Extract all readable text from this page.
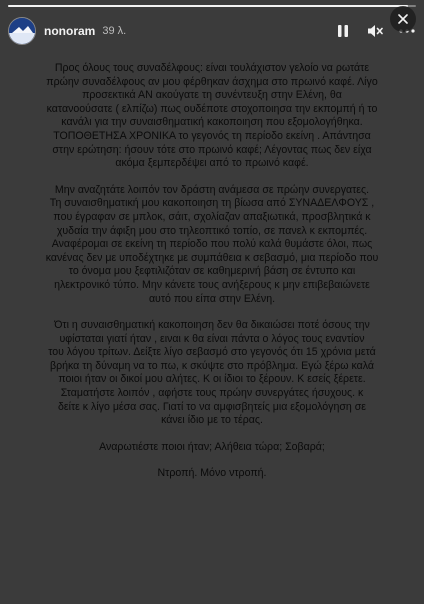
nonoram 39 λ.
Προς όλους τους συναδέλφους: είναι τουλάχιστον γελοίο να ρωτάτε
πρώην συναδέλφους αν μου φέρθηκαν άσχημα στο πρωινό καφέ. Λίγο
προσεκτικά ΑΝ ακούγατε τη συνέντευξη στην Ελένη, θα
κατανοούσατε ( ελπίζω) πως ουδέποτε στοχοποιησα την εκπομπή ή το
κανάλι για την συναισθηματική κακοποιηση που εξομολογήθηκα.
ΤΟΠΟΘΕΤΗΣΑ ΧΡΟΝΙΚΑ το γεγονός τη περίοδο εκείνη . Απάντησα
στην ερώτηση: ήσουν τότε στο πρωινό καφέ; Λέγοντας πως δεν είχα
ακόμα ξεμπερδέψει από το πρωινό καφέ.
Μην αναζητάτε λοιπόν τον δράστη ανάμεσα σε πρώην συνεργατες.
Τη συναισθηματική μου κακοποιηση τη βίωσα από ΣΥΝΑΔΕΛΦΟΥΣ ,
που έγραφαν σε μπλοκ, σάιτ, σχολίαζαν απαξιωτικά, προσβλητικά κ
χυδαία την άφιξη μου στο τηλεοπτικό τοπίο, σε πανελ κ εκπομπές.
Αναφέρομαι σε εκείνη τη περίοδο που πολύ καλά θυμάστε όλοι, πως
κανένας δεν με υποδέχτηκε με συμπάθεια κ σεβασμό, μια περίοδο που
το όνομα μου ξεφτιλιζόταν σε καθημερινή βάση σε έντυπο και
ηλεκτρονικό τύπο. Μην κάνετε τους ανήξερους κ μην επιβεβαιώνετε
αυτό που είπα στην Ελένη.
Ότι η συναισθηματική κακοποιηση δεν θα δικαιώσει ποτέ όσους την
υφίσταται γιατί ήταν , ειναι κ θα είναι πάντα ο λόγος τους εναντίον
του λόγου τρίτων. Δείξτε λίγο σεβασμό στο γεγονός ότι 15 χρόνια μετά
βρήκα τη δύναμη να το πω, κ σκύψτε στο πρόβλημα. Εγώ ξέρω καλά
ποιοι ήταν οι δικοί μου αλήτες. Κ οι ίδιοι το ξέρουν. Κ εσείς ξέρετε.
Σταματήστε λοιπόν , αφήστε τους πρώην συνεργάτες ήσυχους. κ
δείτε κ λίγο μέσα σας. Γιατί το να αμφισβητείς μια εξομολόγηση σε
κάνει ίδιο με το τέρας.
Αναρωτιέστε ποιοι ήταν; Αλήθεια τώρα; Σοβαρά;
Ντροπή. Μόνο ντροπή.
